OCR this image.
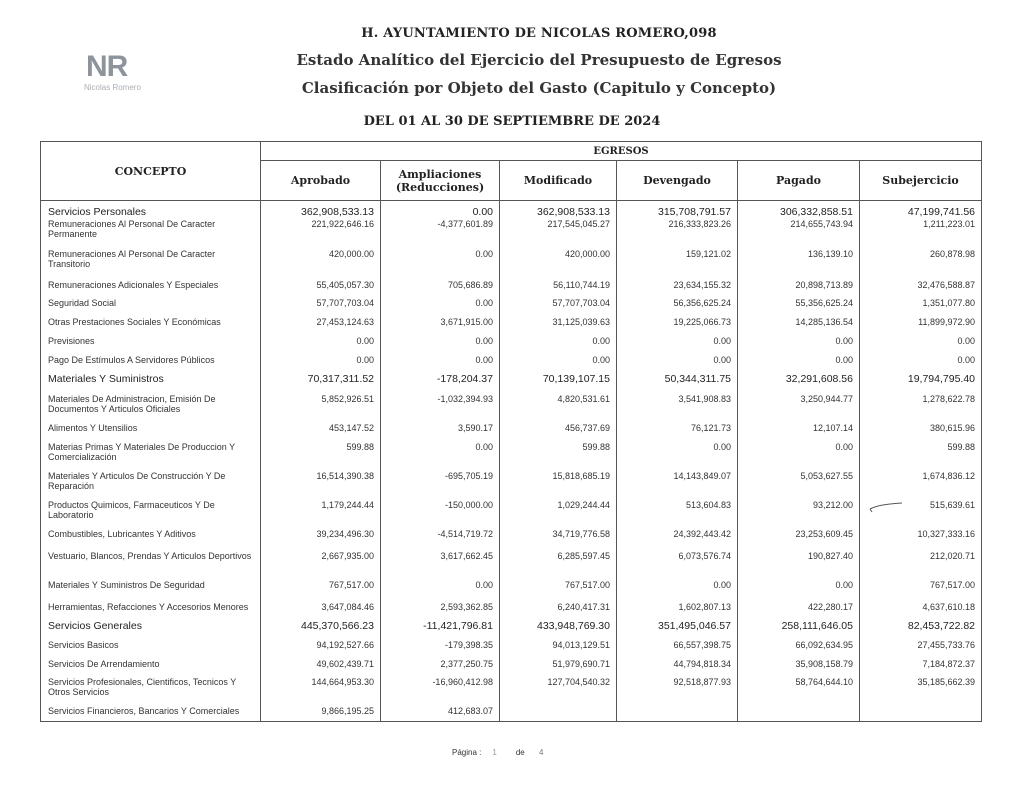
NR
Nicolas Romero
H. AYUNTAMIENTO DE NICOLAS ROMERO,098
Estado Analítico del Ejercicio del Presupuesto de Egresos
Clasificación por Objeto del Gasto (Capitulo y Concepto)
DEL 01 AL 30 DE SEPTIEMBRE DE 2024
CONCEPTO	EGRESOS					
	Aprobado	Ampliaciones (Reducciones)	Modificado	Devengado	Pagado	Subejercicio
Servicios Personales	362,908,533.13	0.00	362,908,533.13	315,708,791.57	306,332,858.51	47,199,741.56
Remuneraciones Al Personal De Caracter Permanente	221,922,646.16	-4,377,601.89	217,545,045.27	216,333,823.26	214,655,743.94	1,211,223.01
Remuneraciones Al Personal De Caracter Transitorio	420,000.00	0.00	420,000.00	159,121.02	136,139.10	260,878.98
Remuneraciones Adicionales Y Especiales	55,405,057.30	705,686.89	56,110,744.19	23,634,155.32	20,898,713.89	32,476,588.87
Seguridad Social	57,707,703.04	0.00	57,707,703.04	56,356,625.24	55,356,625.24	1,351,077.80
Otras Prestaciones Sociales Y Económicas	27,453,124.63	3,671,915.00	31,125,039.63	19,225,066.73	14,285,136.54	11,899,972.90
Previsiones	0.00	0.00	0.00	0.00	0.00	0.00
Pago De Estímulos A Servidores Públicos	0.00	0.00	0.00	0.00	0.00	0.00
Materiales Y Suministros	70,317,311.52	-178,204.37	70,139,107.15	50,344,311.75	32,291,608.56	19,794,795.40
Materiales De Administracion, Emisión De Documentos Y Articulos Oficiales	5,852,926.51	-1,032,394.93	4,820,531.61	3,541,908.83	3,250,944.77	1,278,622.78
Alimentos Y Utensilios	453,147.52	3,590.17	456,737.69	76,121.73	12,107.14	380,615.96
Materias Primas Y Materiales De Produccion Y Comercialización	599.88	0.00	599.88	0.00	0.00	599.88
Materiales Y Articulos De Construcción Y De Reparación	16,514,390.38	-695,705.19	15,818,685.19	14,143,849.07	5,053,627.55	1,674,836.12
Productos Quimicos, Farmaceuticos Y De Laboratorio	1,179,244.44	-150,000.00	1,029,244.44	513,604.83	93,212.00	515,639.61
Combustibles, Lubricantes Y Aditivos	39,234,496.30	-4,514,719.72	34,719,776.58	24,392,443.42	23,253,609.45	10,327,333.16
Vestuario, Blancos, Prendas Y Articulos Deportivos	2,667,935.00	3,617,662.45	6,285,597.45	6,073,576.74	190,827.40	212,020.71
Materiales Y Suministros De Seguridad	767,517.00	0.00	767,517.00	0.00	0.00	767,517.00
Herramientas, Refacciones Y Accesorios Menores	3,647,084.46	2,593,362.85	6,240,417.31	1,602,807.13	422,280.17	4,637,610.18
Servicios Generales	445,370,566.23	-11,421,796.81	433,948,769.30	351,495,046.57	258,111,646.05	82,453,722.82
Servicios Basicos	94,192,527.66	-179,398.35	94,013,129.51	66,557,398.75	66,092,634.95	27,455,733.76
Servicios De Arrendamiento	49,602,439.71	2,377,250.75	51,979,690.71	44,794,818.34	35,908,158.79	7,184,872.37
Servicios Profesionales, Cientificos, Tecnicos Y Otros Servicios	144,664,953.30	-16,960,412.98	127,704,540.32	92,518,877.93	58,764,644.10	35,185,662.39
Servicios Financieros, Bancarios Y Comerciales	9,866,195.25	412,683.07				
Página : 1 de 4
